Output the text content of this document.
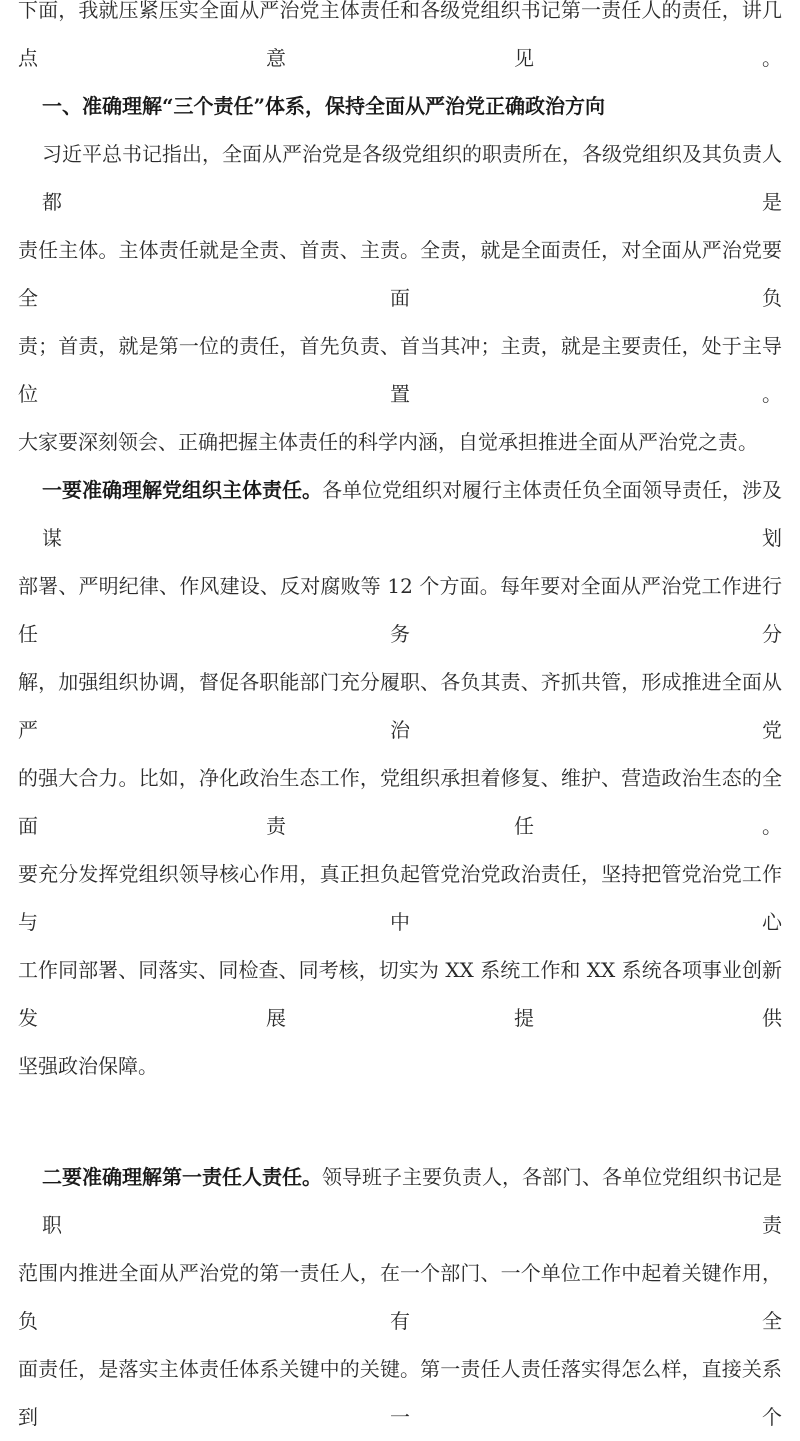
下面，我就压紧压实全面从严治党主体责任和各级党组织书记第一责任人的责任，讲几点意见。
一、准确理解“三个责任”体系，保持全面从严治党正确政治方向
习近平总书记指出，全面从严治党是各级党组织的职责所在，各级党组织及其负责人都是
责任主体。主体责任就是全责、首责、主责。全责，就是全面责任，对全面从严治党要全面负
责；首责，就是第一位的责任，首先负责、首当其冲；主责，就是主要责任，处于主导位置。
大家要深刻领会、正确把握主体责任的科学内涵，自觉承担推进全面从严治党之责。
一要准确理解党组织主体责任。各单位党组织对履行主体责任负全面领导责任，涉及谋划
部署、严明纪律、作风建设、反对腐败等 12 个方面。每年要对全面从严治党工作进行任务分
解，加强组织协调，督促各职能部门充分履职、各负其责、齐抓共管，形成推进全面从严治党
的强大合力。比如，净化政治生态工作，党组织承担着修复、维护、营造政治生态的全面责任。
要充分发挥党组织领导核心作用，真正担负起管党治党政治责任，坚持把管党治党工作与中心
工作同部署、同落实、同检查、同考核，切实为 XX 系统工作和 XX 系统各项事业创新发展提供
坚强政治保障。
二要准确理解第一责任人责任。领导班子主要负责人，各部门、各单位党组织书记是职责
范围内推进全面从严治党的第一责任人，在一个部门、一个单位工作中起着关键作用，负有全
面责任，是落实主体责任体系关键中的关键。第一责任人责任落实得怎么样，直接关系到一个
